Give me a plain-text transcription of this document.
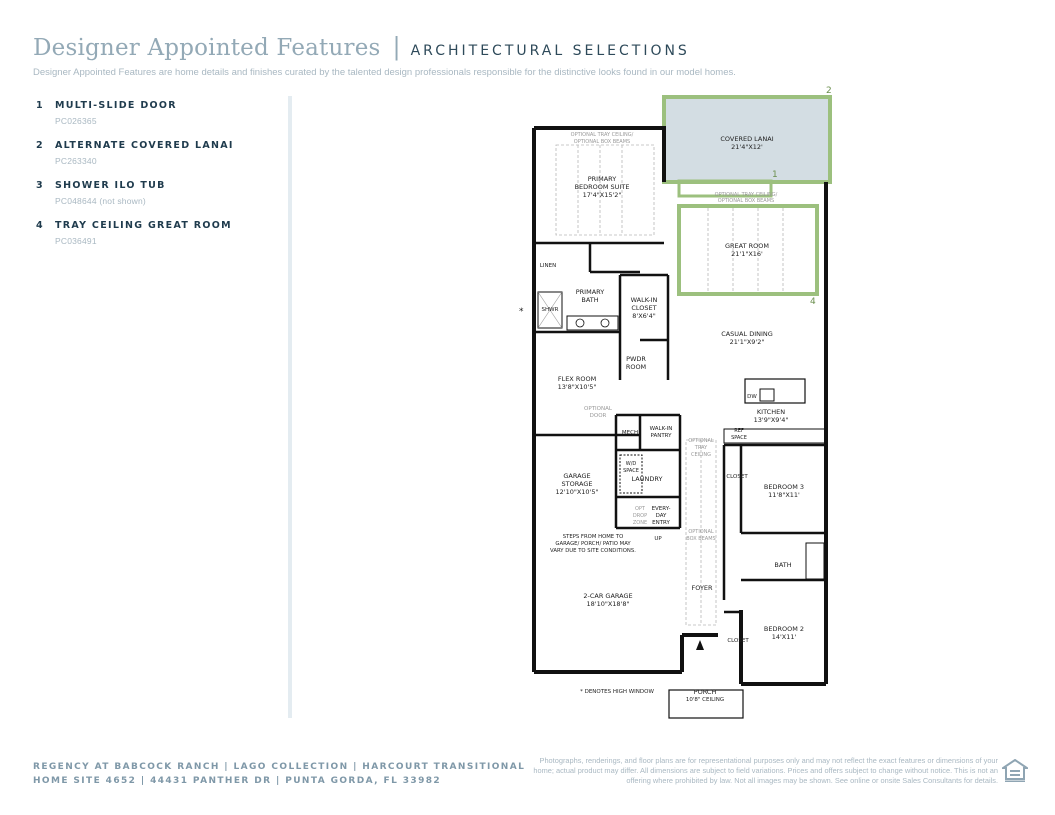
Designer Appointed Features | ARCHITECTURAL SELECTIONS
Designer Appointed Features are home details and finishes curated by the talented design professionals responsible for the distinctive looks found in our model homes.
1	MULTI-SLIDE DOOR
PC026365
2	ALTERNATE COVERED LANAI
PC263340
3	SHOWER ILO TUB
PC048644 (not shown)
4	TRAY CEILING GREAT ROOM
PC036491
2
1
4
COVERED LANAI
21'4"X12'
OPTIONAL TRAY CEILING/
OPTIONAL BOX BEAMS
OPTIONAL TRAY CEILING/
OPTIONAL BOX BEAMS
PRIMARY
BEDROOM SUITE
17'4"X15'2"
GREAT ROOM
21'1"X16'
LINEN
PRIMARY
BATH
SHWR
WALK-IN
CLOSET
8'X6'4"
CASUAL DINING
21'1"X9'2"
PWDR
ROOM
FLEX ROOM
13'8"X10'5"
DW
KITCHEN
13'9"X9'4"
OPTIONAL
DOOR
MECH
WALK-IN
PANTRY
REF
SPACE
OPTIONAL
TRAY
CEILING
W/D
SPACE
LAUNDRY	CLOSET
BEDROOM 3
11'8"X11'
GARAGE
STORAGE
12'10"X10'5"
OPT
DROP
ZONE
EVERY-
DAY
ENTRY
OPTIONAL
BOX BEAMS
STEPS FROM HOME TO
GARAGE/ PORCH/ PATIO MAY
VARY DUE TO SITE CONDITIONS.
UP
BATH
FOYER
2-CAR GARAGE
18'10"X18'8"
CLOSET
BEDROOM 2
14'X11'
PORCH
10'8" CEILING
* DENOTES HIGH WINDOW
*
REGENCY AT BABCOCK RANCH | LAGO COLLECTION | HARCOURT TRANSITIONAL
HOME SITE 4652 | 44431 PANTHER DR | PUNTA GORDA, FL 33982
Photographs, renderings, and floor plans are for representational purposes only and may not reflect the exact features or dimensions of your home; actual product may differ. All dimensions are subject to field variations. Prices and offers subject to change without notice. This is not an offering where prohibited by law. Not all images may be shown. See online or onsite Sales Consultants for details.
